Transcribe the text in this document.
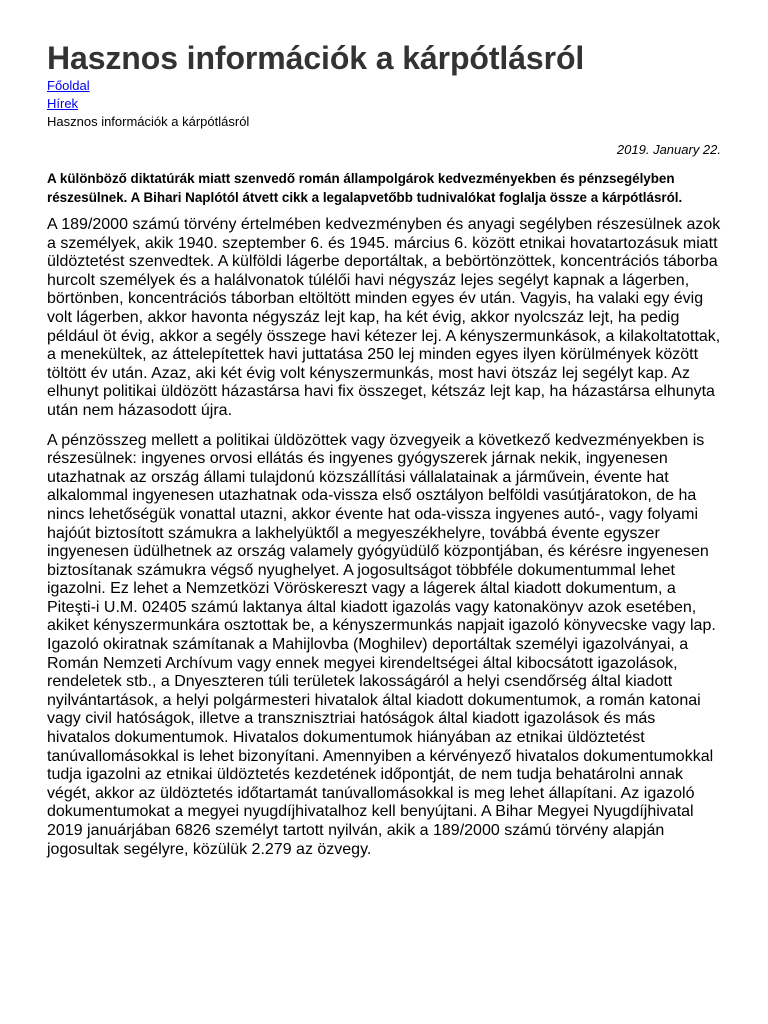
Hasznos információk a kárpótlásról
Főoldal
Hírek
Hasznos információk a kárpótlásról
2019. January 22.
A különböző diktatúrák miatt szenvedő román állampolgárok kedvezményekben és pénzsegélyben részesülnek. A Bihari Naplótól átvett cikk a legalapvetőbb tudnivalókat foglalja össze a kárpótlásról.

A 189/2000 számú törvény értelmében kedvezményben és anyagi segélyben részesülnek azok a személyek, akik 1940. szeptember 6. és 1945. március 6. között etnikai hovatartozásuk miatt üldöztetést szenvedtek. A külföldi lágerbe deportáltak, a bebörtönzöttek, koncentrációs táborba hurcolt személyek és a halálvonatok túlélői havi négyszáz lejes segélyt kapnak a lágerben, börtönben, koncentrációs táborban eltöltött minden egyes év után. Vagyis, ha valaki egy évig volt lágerben, akkor havonta négyszáz lejt kap, ha két évig, akkor nyolcszáz lejt, ha pedig például öt évig, akkor a segély összege havi kétezer lej. A kényszermunkások, a kilakoltatottak, a menekültek, az áttelepítettek havi juttatása 250 lej minden egyes ilyen körülmények között töltött év után. Azaz, aki két évig volt kényszermunkás, most havi ötszáz lej segélyt kap. Az elhunyt politikai üldözött házastársa havi fix összeget, kétszáz lejt kap, ha házastársa elhunyta után nem házasodott újra.

A pénzösszeg mellett a politikai üldözöttek vagy özvegyeik a következő kedvezményekben is részesülnek: ingyenes orvosi ellátás és ingyenes gyógyszerek járnak nekik, ingyenesen utazhatnak az ország állami tulajdonú közszállítási vállalatainak a járművein, évente hat alkalommal ingyenesen utazhatnak oda-vissza első osztályon belföldi vasútjáratokon, de ha nincs lehetőségük vonattal utazni, akkor évente hat oda-vissza ingyenes autó-, vagy folyami hajóút biztosított számukra a lakhelyüktől a megyeszékhelyre, továbbá évente egyszer ingyenesen üdülhetnek az ország valamely gyógyüdülő központjában, és kérésre ingyenesen biztosítanak számukra végső nyughelyet. A jogosultságot többféle dokumentummal lehet igazolni. Ez lehet a Nemzetközi Vöröskereszt vagy a lágerek által kiadott dokumentum, a Piteşti-i U.M. 02405 számú laktanya által kiadott igazolás vagy katonakönyv azok esetében, akiket kényszermunkára osztottak be, a kényszermunkás napjait igazoló könyvecske vagy lap. Igazoló okiratnak számítanak a Mahijlovba (Moghilev) deportáltak személyi igazolványai, a Román Nemzeti Archívum vagy ennek megyei kirendeltségei által kibocsátott igazolások, rendeletek stb., a Dnyeszteren túli területek lakosságáról a helyi csendőrség által kiadott nyilvántartások, a helyi polgármesteri hivatalok által kiadott dokumentumok, a román katonai vagy civil hatóságok, illetve a transznisztriai hatóságok által kiadott igazolások és más hivatalos dokumentumok. Hivatalos dokumentumok hiányában az etnikai üldöztetést tanúvallomásokkal is lehet bizonyítani. Amennyiben a kérvényező hivatalos dokumentumokkal tudja igazolni az etnikai üldöztetés kezdetének időpontját, de nem tudja behatárolni annak végét, akkor az üldöztetés időtartamát tanúvallomásokkal is meg lehet állapítani. Az igazoló dokumentumokat a megyei nyugdíjhivatalhoz kell benyújtani. A Bihar Megyei Nyugdíjhivatal 2019 januárjában 6826 személyt tartott nyilván, akik a 189/2000 számú törvény alapján jogosultak segélyre, közülük 2.279 az özvegy.
